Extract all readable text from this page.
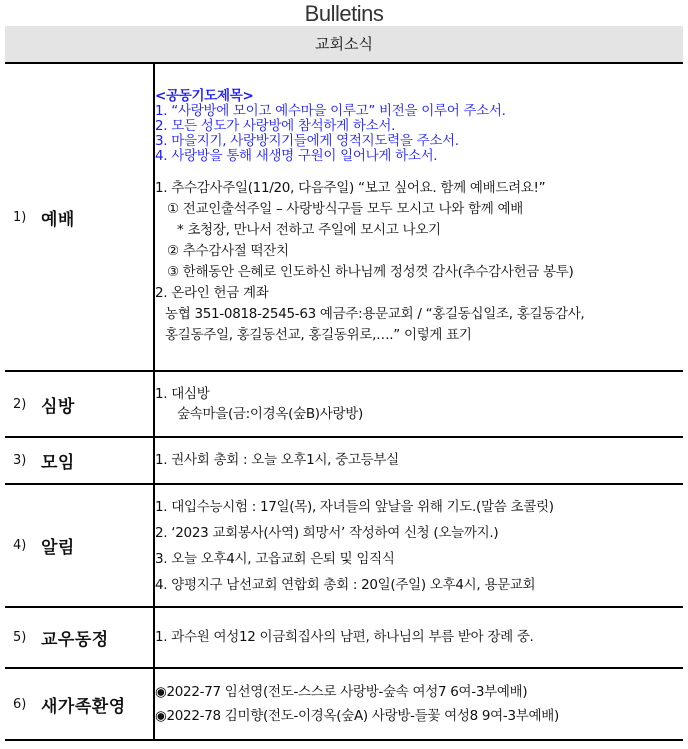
Bulletins
교회소식
1) 예배

<공동기도제목>
1. “사랑방에 모이고 예수마을 이루고” 비전을 이루어 주소서.
2. 모든 성도가 사랑방에 참석하게 하소서.
3. 마을지기, 사랑방지기들에게 영적지도력을 주소서.
4. 사랑방을 통해 새생명 구원이 일어나게 하소서.
1. 추수감사주일(11/20, 다음주일) “보고 싶어요. 함께 예배드려요!”
① 전교인출석주일 – 사랑방식구들 모두 모시고 나와 함께 예배
* 초청장, 만나서 전하고 주일에 모시고 나오기
② 추수감사절 떡잔치
③ 한해동안 은혜로 인도하신 하나님께 정성껏 감사(추수감사헌금 봉투)
2. 온라인 헌금 계좌
농협 351-0818-2545-63 예금주:용문교회 / “홍길동십일조, 홍길동감사,
홍길동주일, 홍길동선교, 홍길동위로,….” 이렇게 표기

2) 심방

1. 대심방
숲속마을(금:이경옥(숲B)사랑방)

3) 모임	1. 권사회 총회 : 오늘 오후1시, 중고등부실

4) 알림

1. 대입수능시험 : 17일(목), 자녀들의 앞날을 위해 기도.(말씀 초콜릿)
2. ‘2023 교회봉사(사역) 희망서’ 작성하여 신청 (오늘까지.)
3. 오늘 오후4시, 고읍교회 은퇴 및 임직식
4. 양평지구 남선교회 연합회 총회 : 20일(주일) 오후4시, 용문교회

5) 교우동정	1. 과수원 여성12 이금희집사의 남편, 하나님의 부름 받아 장례 중.

6) 새가족환영

◉2022-77 임선영(전도-스스로 사랑방-숲속 여성7 6여-3부예배)
◉2022-78 김미향(전도-이경옥(숲A) 사랑방-들꽃 여성8 9여-3부예배)
